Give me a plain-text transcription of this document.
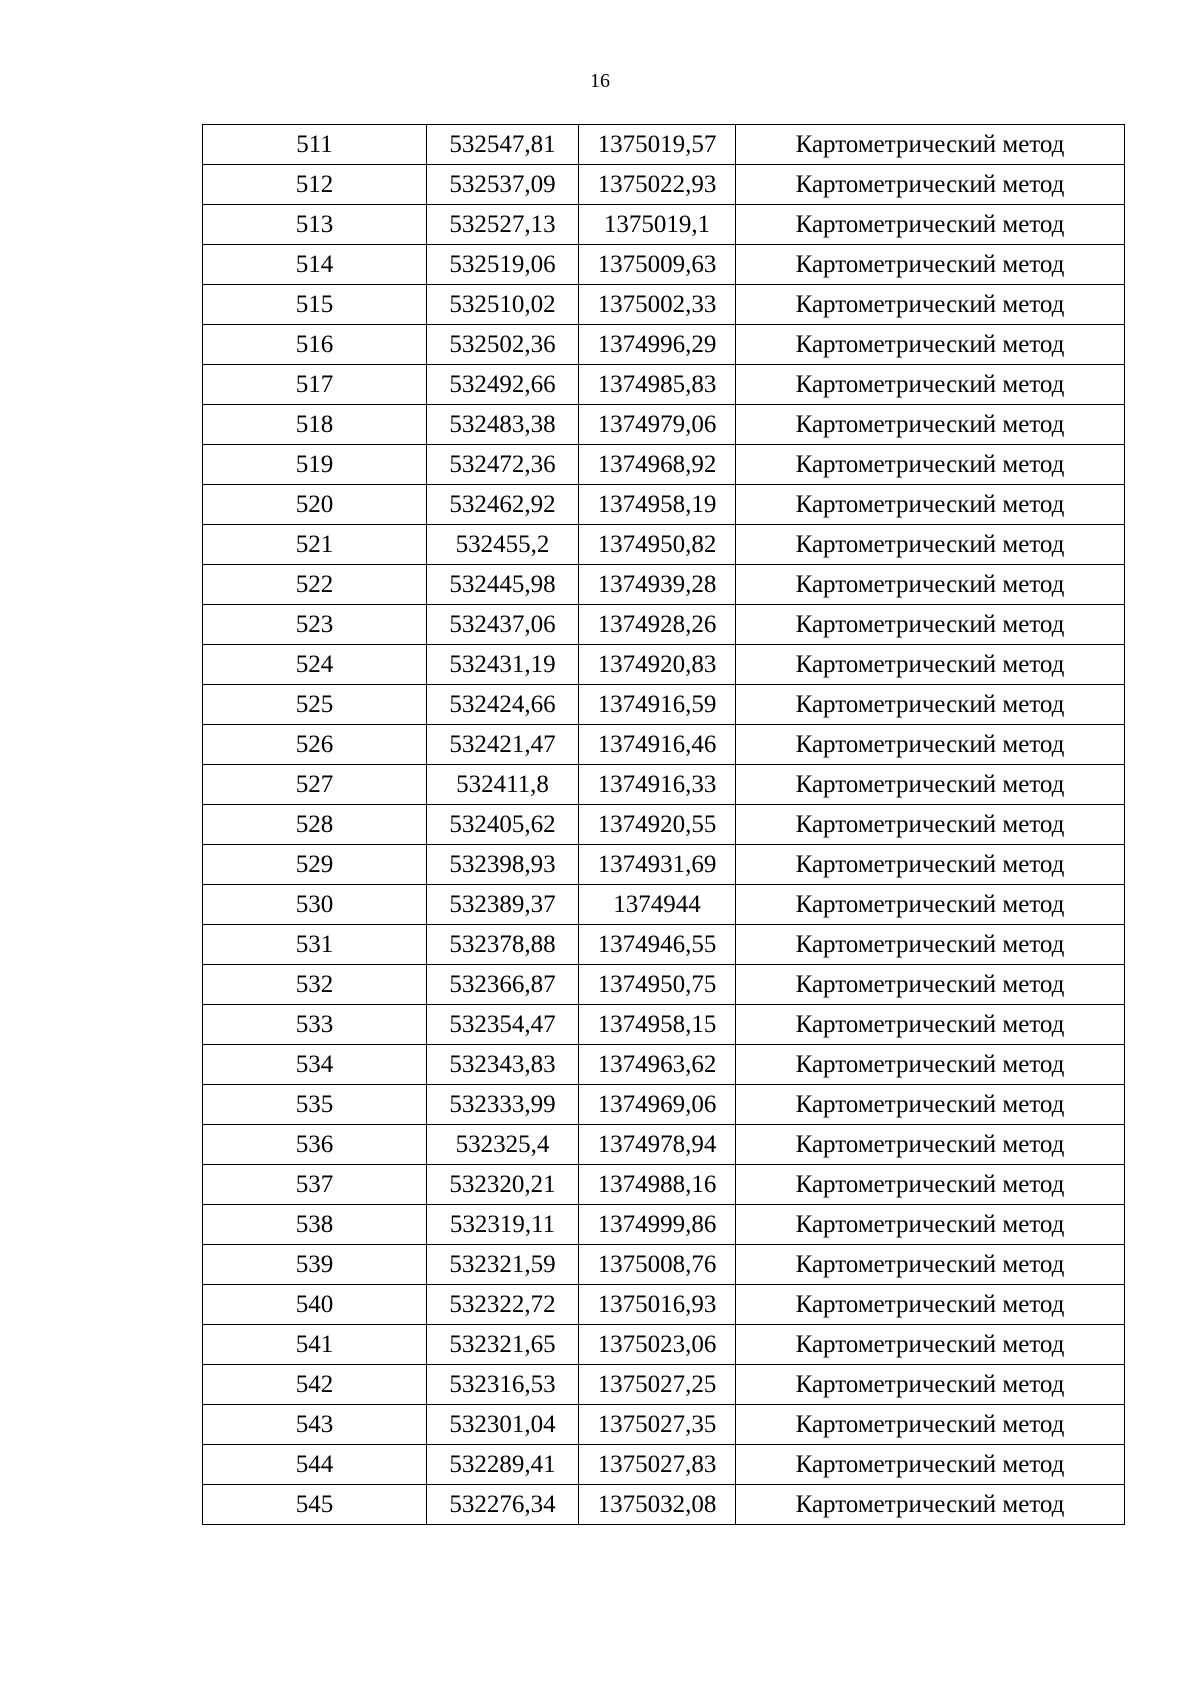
16
511	532547,81	1375019,57	Картометрический метод
512	532537,09	1375022,93	Картометрический метод
513	532527,13	1375019,1	Картометрический метод
514	532519,06	1375009,63	Картометрический метод
515	532510,02	1375002,33	Картометрический метод
516	532502,36	1374996,29	Картометрический метод
517	532492,66	1374985,83	Картометрический метод
518	532483,38	1374979,06	Картометрический метод
519	532472,36	1374968,92	Картометрический метод
520	532462,92	1374958,19	Картометрический метод
521	532455,2	1374950,82	Картометрический метод
522	532445,98	1374939,28	Картометрический метод
523	532437,06	1374928,26	Картометрический метод
524	532431,19	1374920,83	Картометрический метод
525	532424,66	1374916,59	Картометрический метод
526	532421,47	1374916,46	Картометрический метод
527	532411,8	1374916,33	Картометрический метод
528	532405,62	1374920,55	Картометрический метод
529	532398,93	1374931,69	Картометрический метод
530	532389,37	1374944	Картометрический метод
531	532378,88	1374946,55	Картометрический метод
532	532366,87	1374950,75	Картометрический метод
533	532354,47	1374958,15	Картометрический метод
534	532343,83	1374963,62	Картометрический метод
535	532333,99	1374969,06	Картометрический метод
536	532325,4	1374978,94	Картометрический метод
537	532320,21	1374988,16	Картометрический метод
538	532319,11	1374999,86	Картометрический метод
539	532321,59	1375008,76	Картометрический метод
540	532322,72	1375016,93	Картометрический метод
541	532321,65	1375023,06	Картометрический метод
542	532316,53	1375027,25	Картометрический метод
543	532301,04	1375027,35	Картометрический метод
544	532289,41	1375027,83	Картометрический метод
545	532276,34	1375032,08	Картометрический метод
